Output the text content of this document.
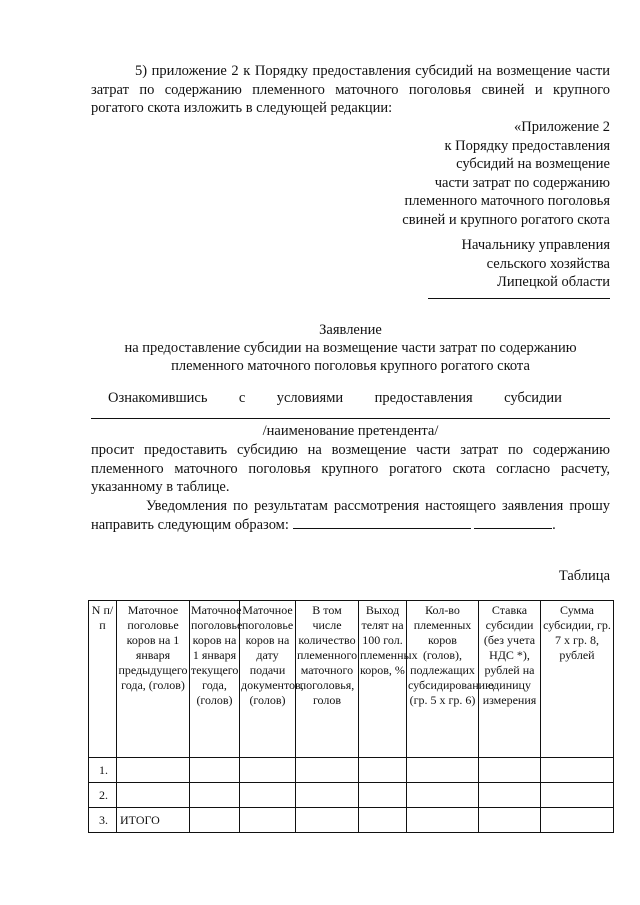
5) приложение 2 к Порядку предоставления субсидий на возмещение части затрат по содержанию племенного маточного поголовья свиней и крупного рогатого скота изложить в следующей редакции:
«Приложение 2
к Порядку предоставления
субсидий на возмещение
части затрат по содержанию
племенного маточного поголовья
свиней и крупного рогатого скота
Начальнику управления
сельского хозяйства
Липецкой области
Заявление
на предоставление субсидии на возмещение части затрат по содержанию
племенного маточного поголовья крупного рогатого скота
Ознакомившись с условиями предоставления субсидии
/наименование претендента/
просит предоставить субсидию на возмещение части затрат по содержанию племенного маточного поголовья крупного рогатого скота согласно расчету, указанному в таблице.
Уведомления по результатам рассмотрения настоящего заявления прошу направить следующим образом:	.
Таблица
N п/п	Маточное поголовье коров на 1 января предыдущего года, (голов)	Маточное поголовье коров на 1 января текущего года, (голов)	Маточное поголовье коров на дату подачи документов, (голов)	В том числе количество племенного маточного поголовья, голов	Выход телят на 100 гол. племенных коров, %	Кол-во племенных коров (голов), подлежащих субсидированию (гр. 5 x гр. 6)	Ставка субсидии (без учета НДС *), рублей на единицу измерения	Сумма субсидии, гр. 7 x гр. 8, рублей
1.								
2.								
3.	ИТОГО							
